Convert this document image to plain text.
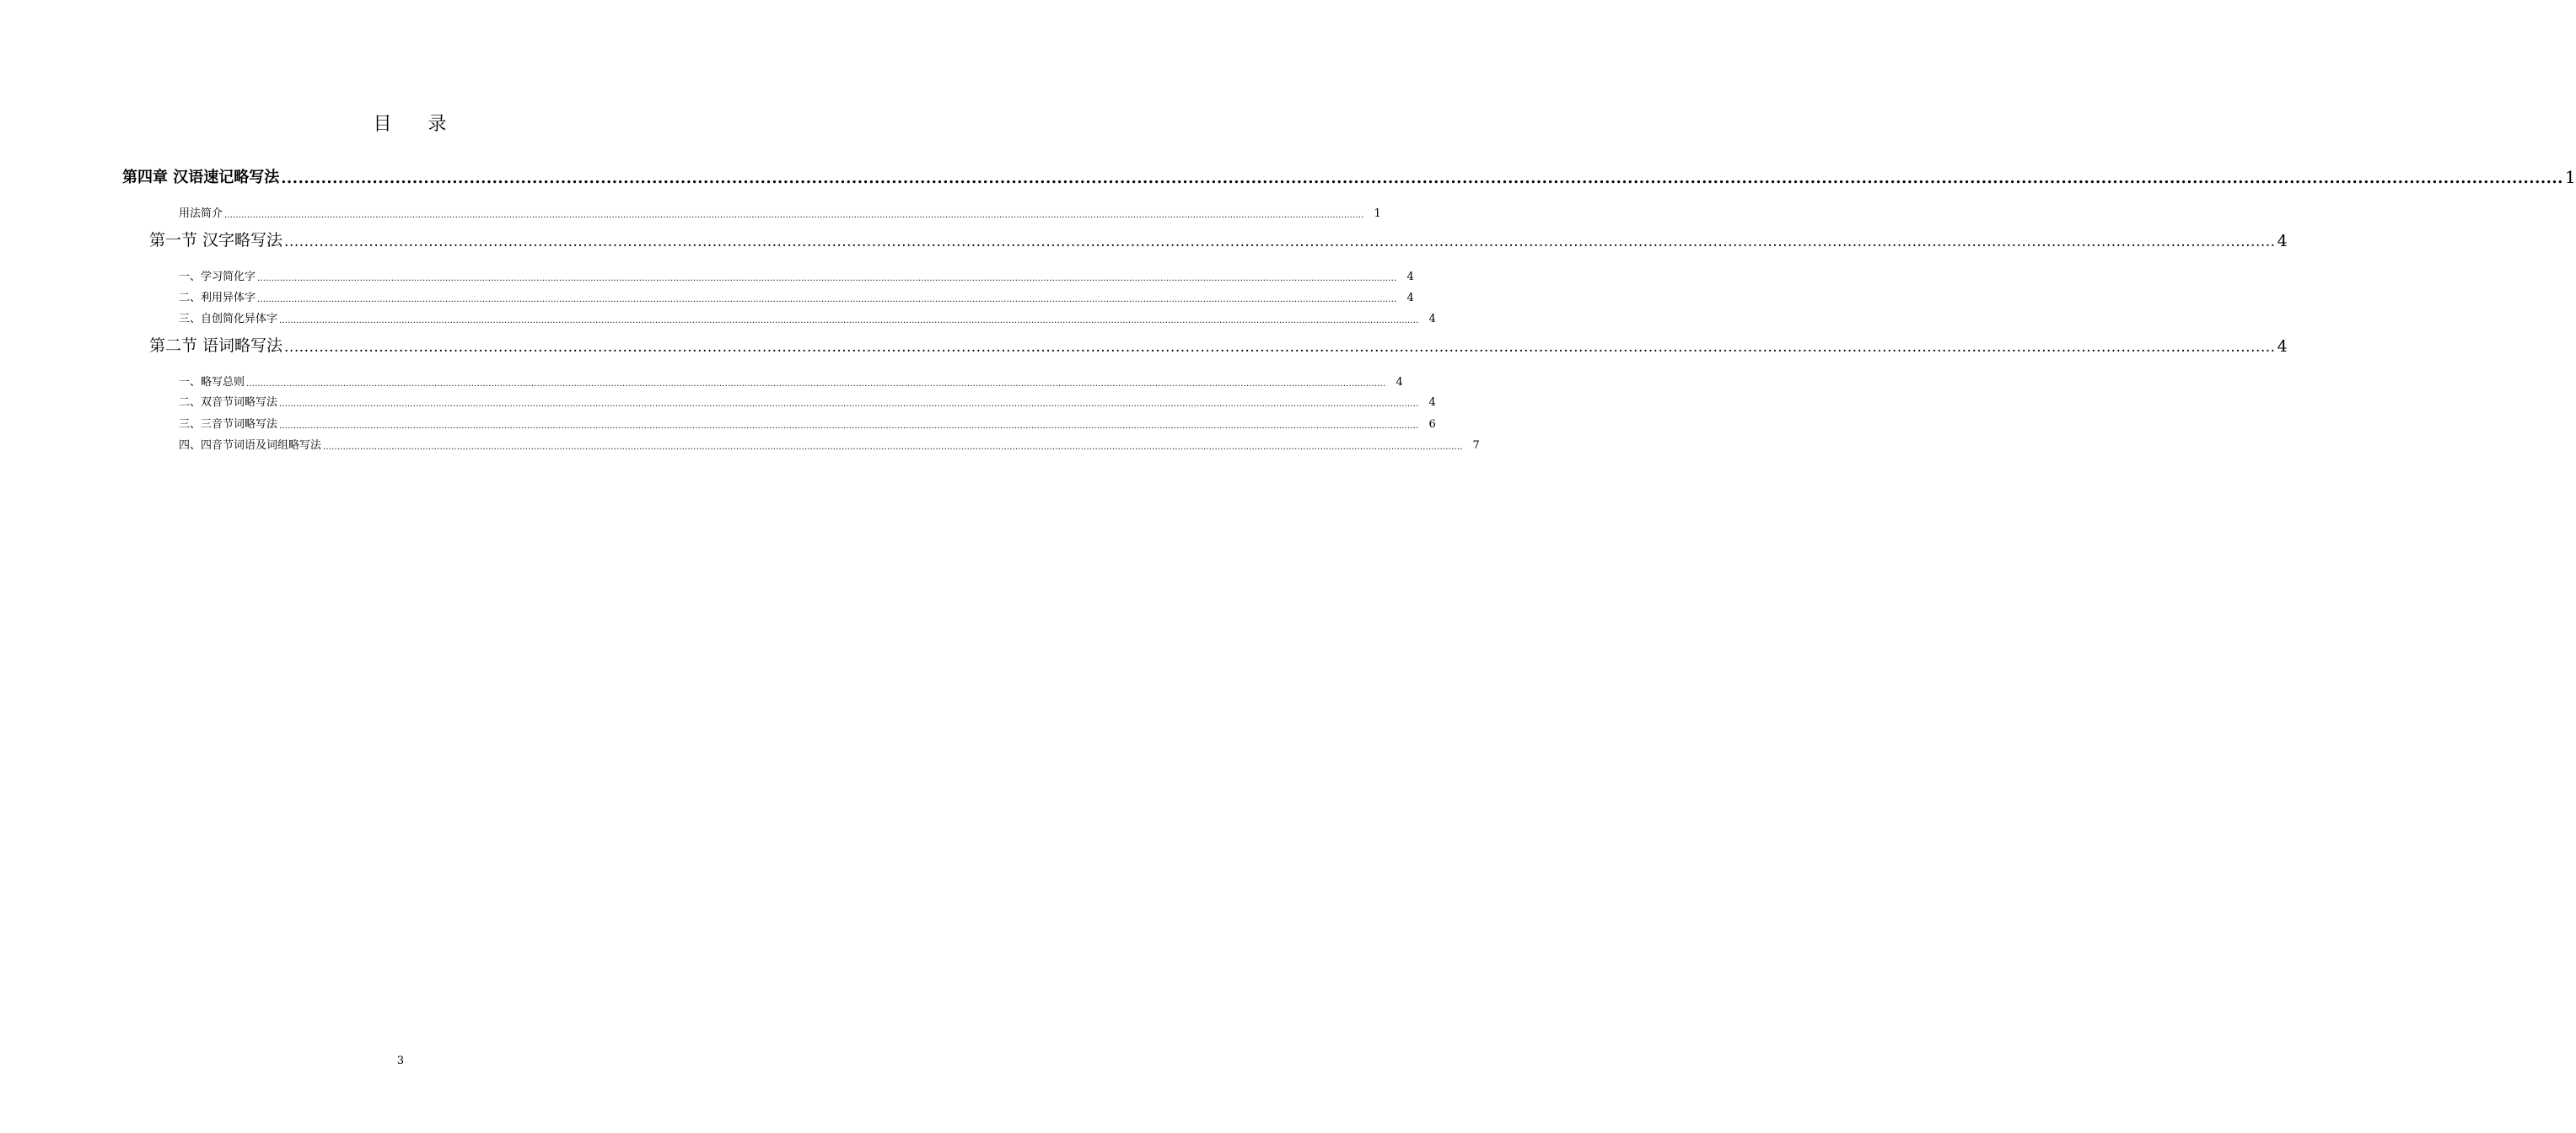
目 录
第四章 汉语速记略写法 ................................................................................................................................................................................................................................................................................................................................................................................................................ 1
用法简介 ................................................................................................................................................................................................................................................................................................................................................................................................................ 1
第一节 汉字略写法 ................................................................................................................................................................................................................................................................................................................................................................................................................ 4
一、学习简化字 ................................................................................................................................................................................................................................................................................................................................................................................................................ 4
二、利用异体字 ................................................................................................................................................................................................................................................................................................................................................................................................................ 4
三、自创简化异体字 ................................................................................................................................................................................................................................................................................................................................................................................................................ 4
第二节 语词略写法 ................................................................................................................................................................................................................................................................................................................................................................................................................ 4
一、略写总则 ................................................................................................................................................................................................................................................................................................................................................................................................................ 4
二、双音节词略写法 ................................................................................................................................................................................................................................................................................................................................................................................................................ 4
三、三音节词略写法 ................................................................................................................................................................................................................................................................................................................................................................................................................ 6
四、四音节词语及词组略写法 ................................................................................................................................................................................................................................................................................................................................................................................................................ 7
3
